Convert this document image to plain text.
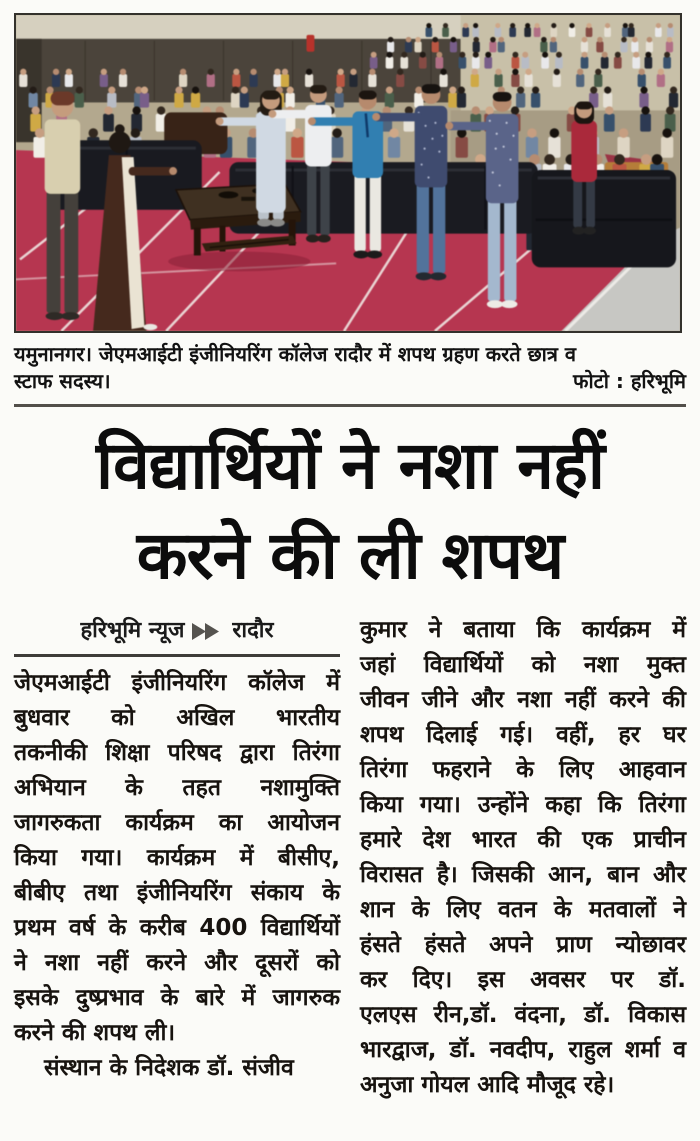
यमुनानगर। जेएमआईटी इंजीनियरिंग कॉलेज रादौर में शपथ ग्रहण करते छात्र व
स्टाफ सदस्य।	फोटो : हरिभूमि
विद्यार्थियों ने नशा नहीं
करने की ली शपथ
हरिभूमि न्यूज रादौर
जेएमआईटी इंजीनियरिंग कॉलेज में
बुधवार को अखिल भारतीय
तकनीकी शिक्षा परिषद द्वारा तिरंगा
अभियान के तहत नशामुक्ति
जागरुकता कार्यक्रम का आयोजन
किया गया। कार्यक्रम में बीसीए,
बीबीए तथा इंजीनियरिंग संकाय के
प्रथम वर्ष के करीब 400 विद्यार्थियों
ने नशा नहीं करने और दूसरों को
इसके दुष्प्रभाव के बारे में जागरुक
करने की शपथ ली।
संस्थान के निदेशक डॉ. संजीव
कुमार ने बताया कि कार्यक्रम में
जहां विद्यार्थियों को नशा मुक्त
जीवन जीने और नशा नहीं करने की
शपथ दिलाई गई। वहीं, हर घर
तिरंगा फहराने के लिए आहवान
किया गया। उन्होंने कहा कि तिरंगा
हमारे देश भारत की एक प्राचीन
विरासत है। जिसकी आन, बान और
शान के लिए वतन के मतवालों ने
हंसते हंसते अपने प्राण न्योछावर
कर दिए। इस अवसर पर डॉ.
एलएस रीन,डॉ. वंदना, डॉ. विकास
भारद्वाज, डॉ. नवदीप, राहुल शर्मा व
अनुजा गोयल आदि मौजूद रहे।
